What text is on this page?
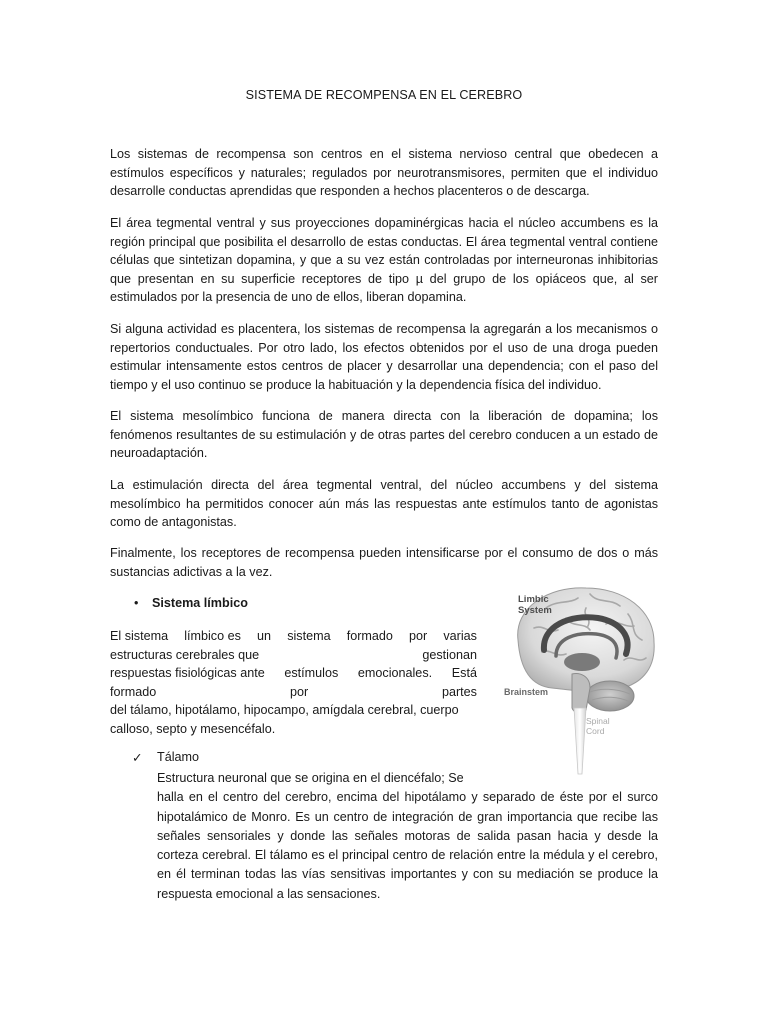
SISTEMA DE RECOMPENSA EN EL CEREBRO

Los sistemas de recompensa son centros en el sistema nervioso central que obedecen a estímulos específicos y naturales; regulados por neurotransmisores, permiten que el individuo desarrolle conductas aprendidas que responden a hechos placenteros o de descarga.

El área tegmental ventral y sus proyecciones dopaminérgicas hacia el núcleo accumbens es la región principal que posibilita el desarrollo de estas conductas. El área tegmental ventral contiene células que sintetizan dopamina, y que a su vez están controladas por interneuronas inhibitorias que presentan en su superficie receptores de tipo µ del grupo de los opiáceos que, al ser estimulados por la presencia de uno de ellos, liberan dopamina.

Si alguna actividad es placentera, los sistemas de recompensa la agregarán a los mecanismos o repertorios conductuales. Por otro lado, los efectos obtenidos por el uso de una droga pueden estimular intensamente estos centros de placer y desarrollar una dependencia; con el paso del tiempo y el uso continuo se produce la habituación y la dependencia física del individuo.

El sistema mesolímbico funciona de manera directa con la liberación de dopamina; los fenómenos resultantes de su estimulación y de otras partes del cerebro conducen a un estado de neuroadaptación.

La estimulación directa del área tegmental ventral, del núcleo accumbens y del sistema mesolímbico ha permitidos conocer aún más las respuestas ante estímulos tanto de agonistas como de antagonistas.

Finalmente, los receptores de recompensa pueden intensificarse por el consumo de dos o más sustancias adictivas a la vez.

• Sistema límbico
El sistema límbico es un sistema formado por varias
estructuras cerebrales que	gestionan
respuestas fisiológicas ante estímulos emocionales. Está
formado	por	partes
del tálamo, hipotálamo, hipocampo, amígdala cerebral, cuerpo
calloso, septo y mesencéfalo.
✓ Tálamo
Estructura neuronal que se origina en el diencéfalo; Se
halla en el centro del cerebro, encima del hipotálamo y separado de éste por el surco hipotalámico de Monro. Es un centro de integración de gran importancia que recibe las señales sensoriales y donde las señales motoras de salida pasan hacia y desde la corteza cerebral. El tálamo es el principal centro de relación entre la médula y el cerebro, en él terminan todas las vías sensitivas importantes y con su mediación se produce la respuesta emocional a las sensaciones.
Limbic
System
Brainstem
Spinal
Cord
